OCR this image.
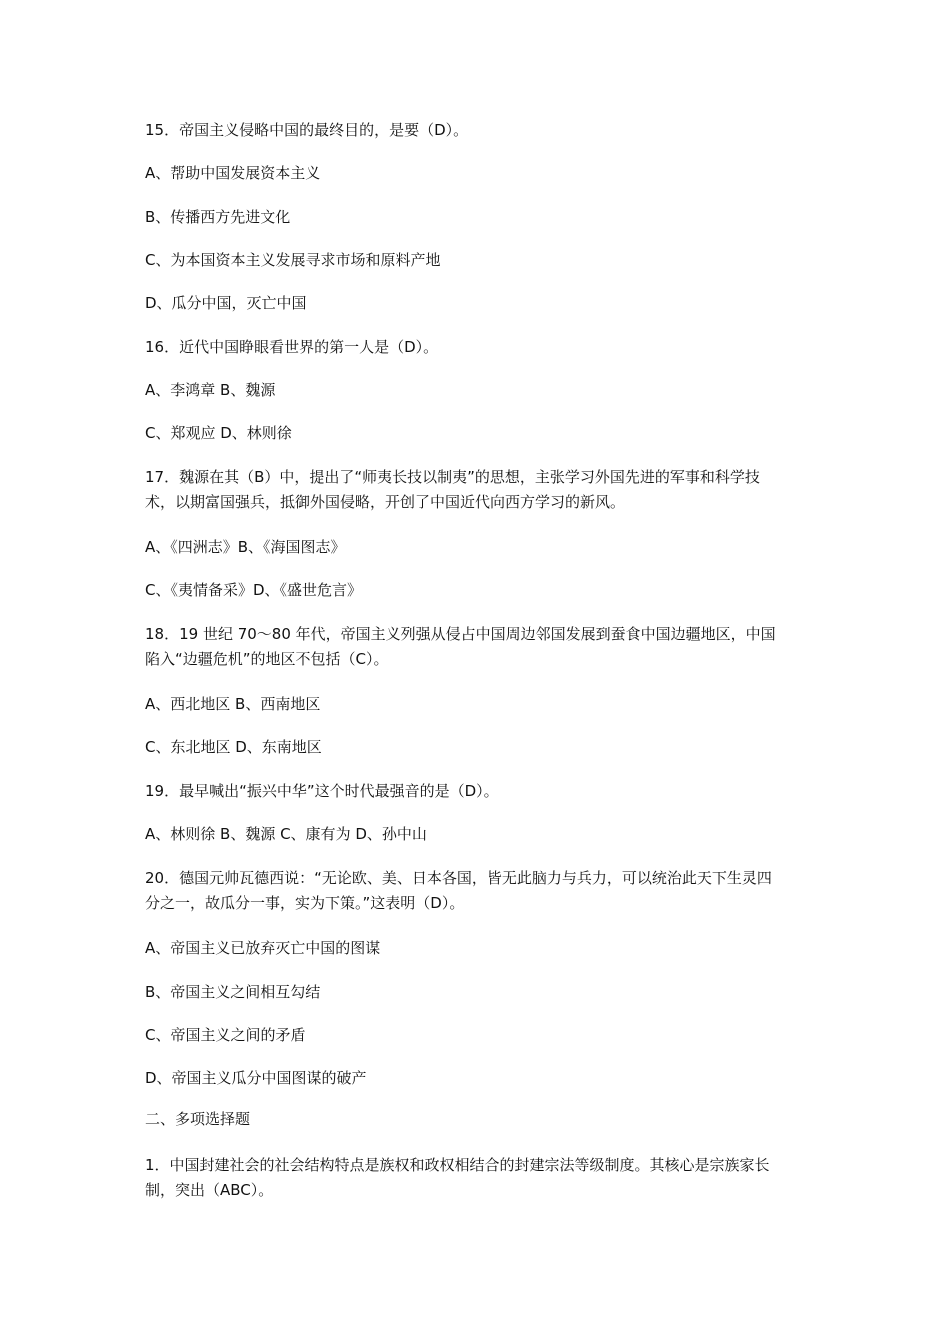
15．帝国主义侵略中国的最终目的，是要（D）。
A、帮助中国发展资本主义
B、传播西方先进文化
C、为本国资本主义发展寻求市场和原料产地
D、瓜分中国，灭亡中国
16．近代中国睁眼看世界的第一人是（D）。
A、李鸿章 B、魏源
C、郑观应 D、林则徐
17．魏源在其（B）中，提出了“师夷长技以制夷”的思想，主张学习外国先进的军事和科学技
术，以期富国强兵，抵御外国侵略，开创了中国近代向西方学习的新风。
A、《四洲志》B、《海国图志》
C、《夷情备采》D、《盛世危言》
18．19 世纪 70～80 年代，帝国主义列强从侵占中国周边邻国发展到蚕食中国边疆地区，中国
陷入“边疆危机”的地区不包括（C）。
A、西北地区 B、西南地区
C、东北地区 D、东南地区
19．最早喊出“振兴中华”这个时代最强音的是（D）。
A、林则徐 B、魏源 C、康有为 D、孙中山
20．德国元帅瓦德西说：“无论欧、美、日本各国，皆无此脑力与兵力，可以统治此天下生灵四
分之一，故瓜分一事，实为下策。”这表明（D）。
A、帝国主义已放弃灭亡中国的图谋
B、帝国主义之间相互勾结
C、帝国主义之间的矛盾
D、帝国主义瓜分中国图谋的破产
二、多项选择题
1．中国封建社会的社会结构特点是族权和政权相结合的封建宗法等级制度。其核心是宗族家长
制，突出（ABC）。
